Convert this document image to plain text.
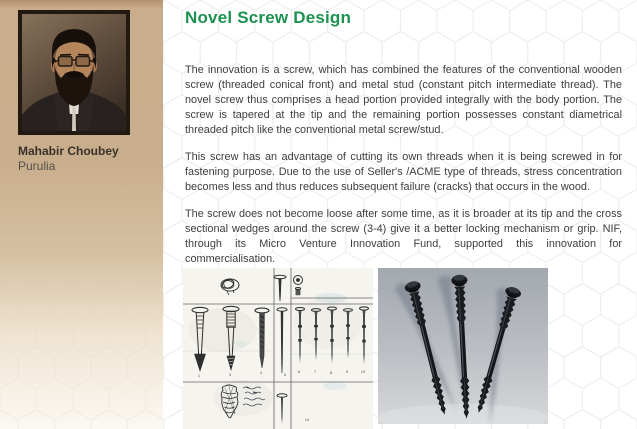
Mahabir Choubey
Purulia
Novel Screw Design

The innovation is a screw, which has combined the features of the conventional wooden screw (threaded conical front) and metal stud (constant pitch intermediate thread). The novel screw thus comprises a head portion provided integrally with the body portion. The screw is tapered at the tip and the remaining portion possesses constant diametrical threaded pitch like the conventional metal screw/stud.

This screw has an advantage of cutting its own threads when it is being screwed in for fastening purpose. Due to the use of Seller's /ACME type of threads, stress concentration becomes less and thus reduces subsequent failure (cracks) that occurs in the wood.

The screw does not become loose after some time, as it is broader at its tip and the cross sectional wedges around the screw (3-4) give it a better locking mechanism or grip. NIF, through its Micro Venture Innovation Fund, supported this innovation for commercialisation.

1	3	4	5
6	7	8	9	10
14
